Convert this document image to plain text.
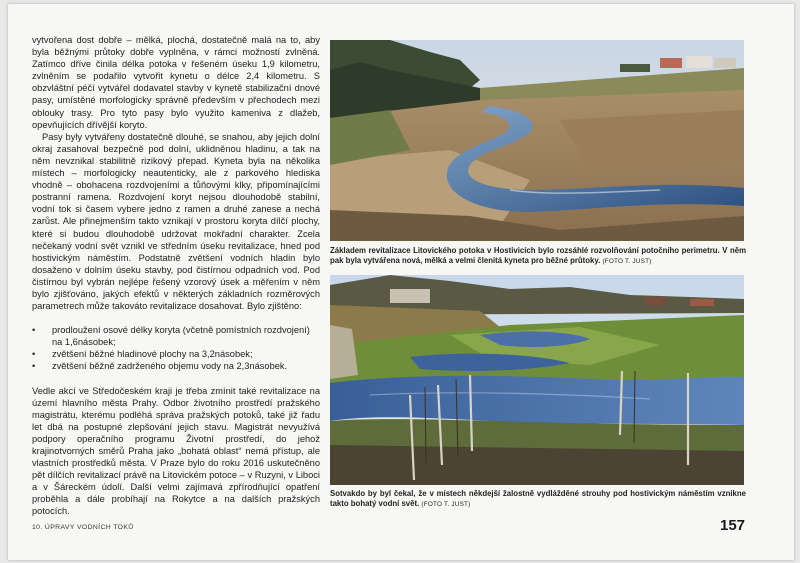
vytvořena dost dobře – mělká, plochá, dostatečně malá na to, aby byla běžnými průtoky dobře vyplněna, v rámci možností zvlněná. Zatímco dříve činila délka potoka v řešeném úseku 1,9 kilometru, zvlněním se podařilo vytvořit kynetu o délce 2,4 kilometru. S obzvláštní péčí vytvářel dodavatel stavby v kynetě stabilizační dnové pasy, umístěné morfologicky správně především v přechodech mezi oblouky trasy. Pro tyto pasy bylo využito kameniva z dlažeb, opevňujících dřívější koryto.

Pasy byly vytvářeny dostatečně dlouhé, se snahou, aby jejich dolní okraj zasahoval bezpečně pod dolní, uklidněnou hladinu, a tak na něm nevznikal stabilitně rizikový přepad. Kyneta byla na několika místech – morfologicky neautenticky, ale z parkového hlediska vhodně – obohacena rozdvojeními a tůňovými klky, připomínajícími postranní ramena. Rozdvojení koryt nejsou dlouhodobě stabilní, vodní tok si časem vybere jedno z ramen a druhé zanese a nechá zarůst. Ale přinejmenším takto vznikají v prostoru koryta dílčí plochy, které si budou dlouhodobě udržovat mokřadní charakter. Zcela nečekaný vodní svět vznikl ve středním úseku revitalizace, hned pod hostivickým náměstím. Podstatně zvětšení vodních hladin bylo dosaženo v dolním úseku stavby, pod čistírnou odpadních vod. Pod čistírnou byl vybrán nejlépe řešený vzorový úsek a měřením v něm bylo zjišťováno, jakých efektů v některých základních rozměrových parametrech může takováto revitalizace dosahovat. Bylo zjištěno:

• prodloužení osové délky koryta (včetně pomístních rozdvojení) na 1,6násobek;
• zvětšení běžné hladinové plochy na 3,2násobek;
• zvětšení běžně zadrženého objemu vody na 2,3násobek.

Vedle akcí ve Středočeském kraji je třeba zmínit také revitalizace na území hlavního města Prahy. Odbor životního prostředí pražského magistrátu, kterému podléhá správa pražských potoků, také již řadu let dbá na postupné zlepšování jejich stavu. Magistrát nevyužívá podpory operačního programu Životní prostředí, do jehož krajinotvorných směrů Praha jako „bohatá oblast“ nemá přístup, ale vlastních prostředků města. V Praze bylo do roku 2016 uskutečněno pět dílčích revitalizací právě na Litovickém potoce – v Ruzyni, v Liboci a v Šáreckém údolí. Další velmi zajímavá zpřírodňující opatření proběhla a dále probíhají na Rokytce a na dalších pražských potocích.

Základem revitalizace Litovického potoka v Hostivicích bylo rozsáhlé rozvolňování potočního perimetru. V něm pak byla vytvářena nová, mělká a velmi členitá kyneta pro běžné průtoky. (FOTO T. JUST)
Sotvakdo by byl čekal, že v místech někdejší žalostně vydlážděné strouhy pod hostivickým náměstím vznikne takto bohatý vodní svět. (FOTO T. JUST)
10. ÚPRAVY VODNÍCH TOKŮ	157
